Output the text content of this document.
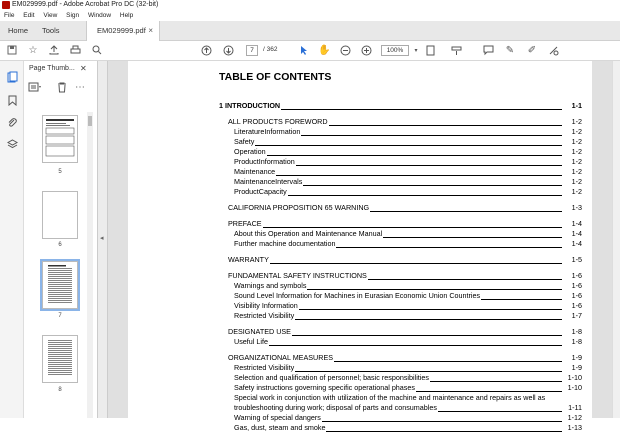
EM029999.pdf - Adobe Acrobat Pro DC (32-bit)
File Edit View Sign Window Help
Home Tools	EM029999.pdf ×
☆	7	/ 362	✋	100%	▾	✎ ✐
Page Thumb... ✕
⋯
5
6
7
8
◂
TABLE OF CONTENTS
1 INTRODUCTION	1-1
ALL PRODUCTS FOREWORD	1-2
LiteratureInformation	1-2
Safety	1-2
Operation	1-2
ProductInformation	1-2
Maintenance	1-2
MaintenanceIntervals	1-2
ProductCapacity	1-2
CALIFORNIA PROPOSITION 65 WARNING	1-3
PREFACE	1-4
About this Operation and Maintenance Manual	1-4
Further machine documentation	1-4
WARRANTY	1-5
FUNDAMENTAL SAFETY INSTRUCTIONS	1-6
Warnings and symbols	1-6
Sound Level Information for Machines in Eurasian Economic Union Countries	1-6
Visibility Information	1-6
Restricted Visibility	1-7
DESIGNATED USE	1-8
Useful Life	1-8
ORGANIZATIONAL MEASURES	1-9
Restricted Visibility	1-9
Selection and qualification of personnel; basic responsibilities	1-10
Safety instructions governing specific operational phases	1-10
Special work in conjunction with utilization of the machine and maintenance and repairs as well as
troubleshooting during work; disposal of parts and consumables	1-11
Warning of special dangers	1-12
Gas, dust, steam and smoke	1-13
